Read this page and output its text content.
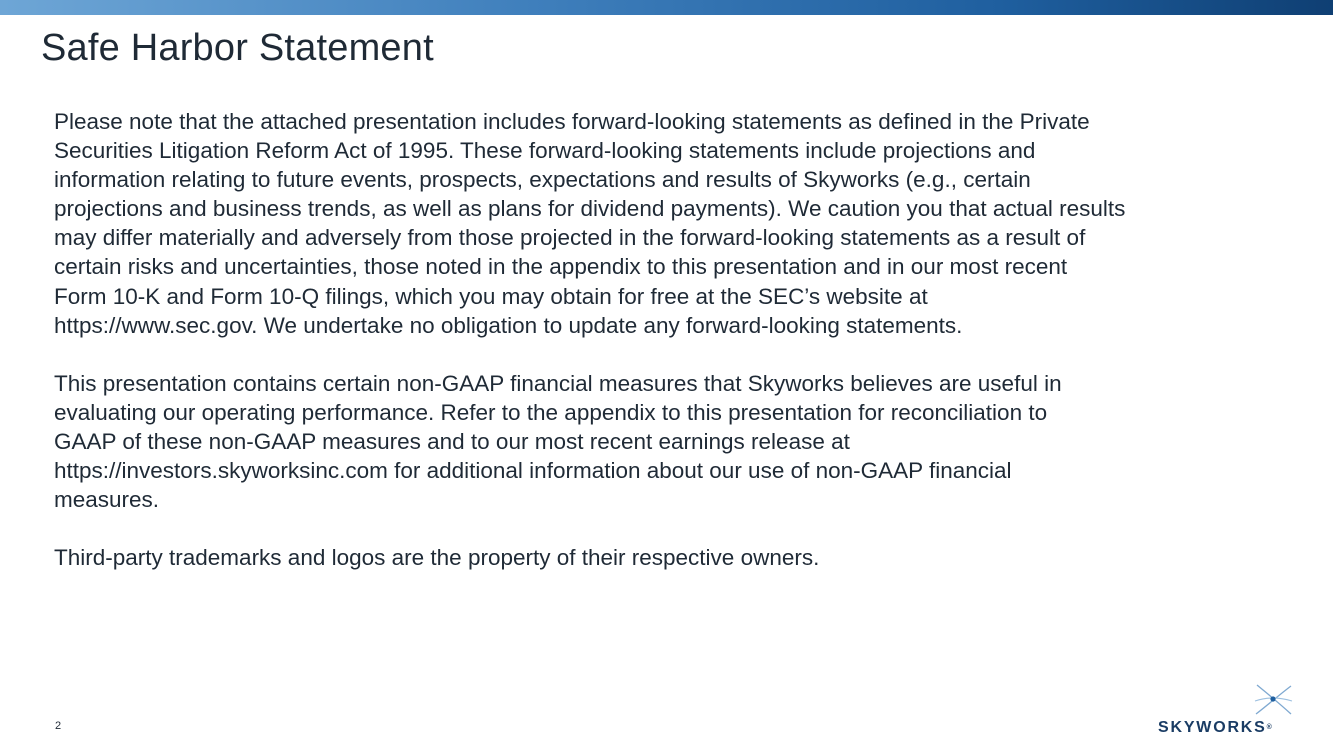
Safe Harbor Statement

Please note that the attached presentation includes forward-looking statements as defined in the Private
Securities Litigation Reform Act of 1995. These forward-looking statements include projections and
information relating to future events, prospects, expectations and results of Skyworks (e.g., certain
projections and business trends, as well as plans for dividend payments). We caution you that actual results
may differ materially and adversely from those projected in the forward-looking statements as a result of
certain risks and uncertainties, those noted in the appendix to this presentation and in our most recent
Form 10-K and Form 10-Q filings, which you may obtain for free at the SEC’s website at
https://www.sec.gov. We undertake no obligation to update any forward-looking statements.

This presentation contains certain non-GAAP financial measures that Skyworks believes are useful in
evaluating our operating performance. Refer to the appendix to this presentation for reconciliation to
GAAP of these non-GAAP measures and to our most recent earnings release at
https://investors.skyworksinc.com for additional information about our use of non-GAAP financial
measures.

Third-party trademarks and logos are the property of their respective owners.

2	SKYWORKS®
